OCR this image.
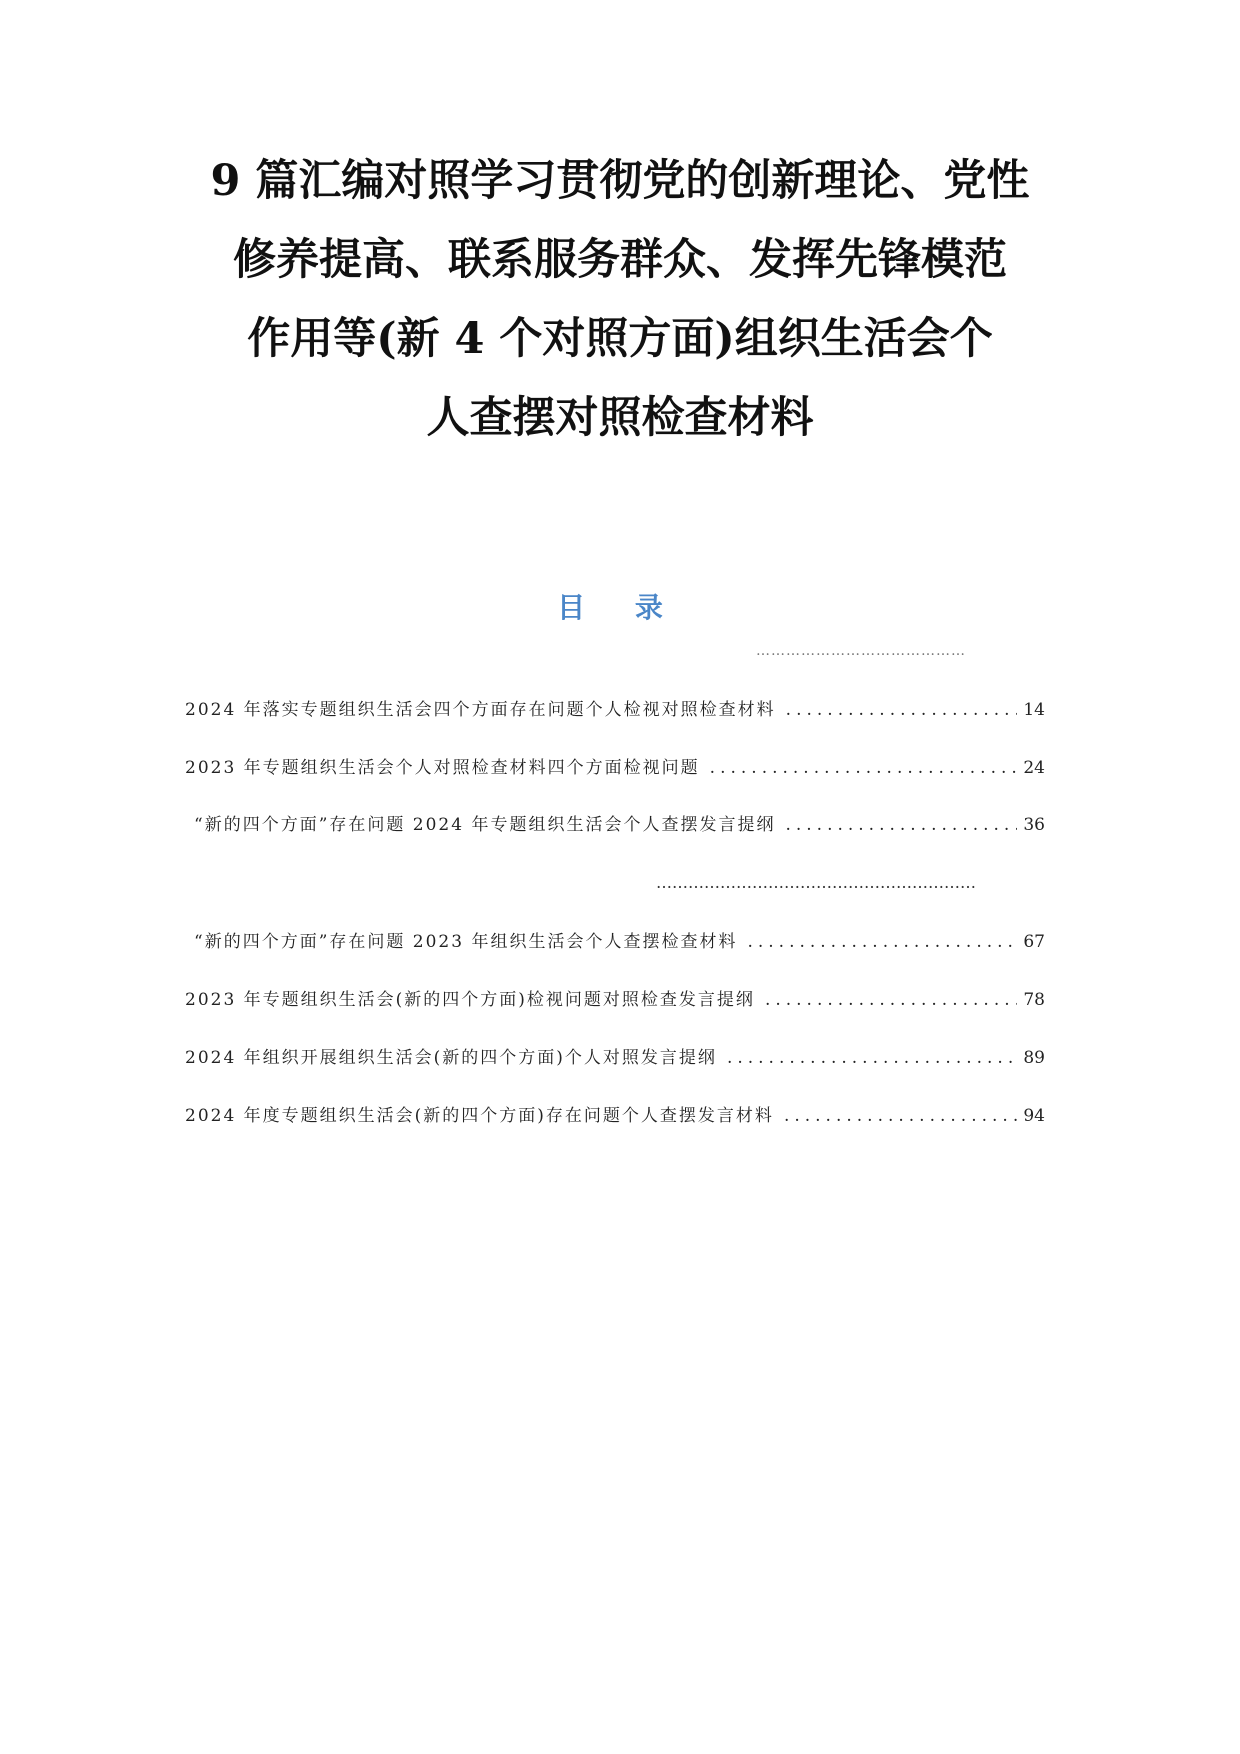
9 篇汇编对照学习贯彻党的创新理论、党性
修养提高、联系服务群众、发挥先锋模范
作用等(新 4 个对照方面)组织生活会个
人查摆对照检查材料
目 录
……………………………………
2024 年落实专题组织生活会四个方面存在问题个人检视对照检查材料 .....	14
2023 年专题组织生活会个人对照检查材料四个方面检视问题 .....	24
“新的四个方面”存在问题 2024 年专题组织生活会个人查摆发言提纲 .....	36
……………………………………………………
“新的四个方面”存在问题 2023 年组织生活会个人查摆检查材料 .....	67
2023 年专题组织生活会(新的四个方面)检视问题对照检查发言提纲 .....	78
2024 年组织开展组织生活会(新的四个方面)个人对照发言提纲 .....	89
2024 年度专题组织生活会(新的四个方面)存在问题个人查摆发言材料 .....	94
